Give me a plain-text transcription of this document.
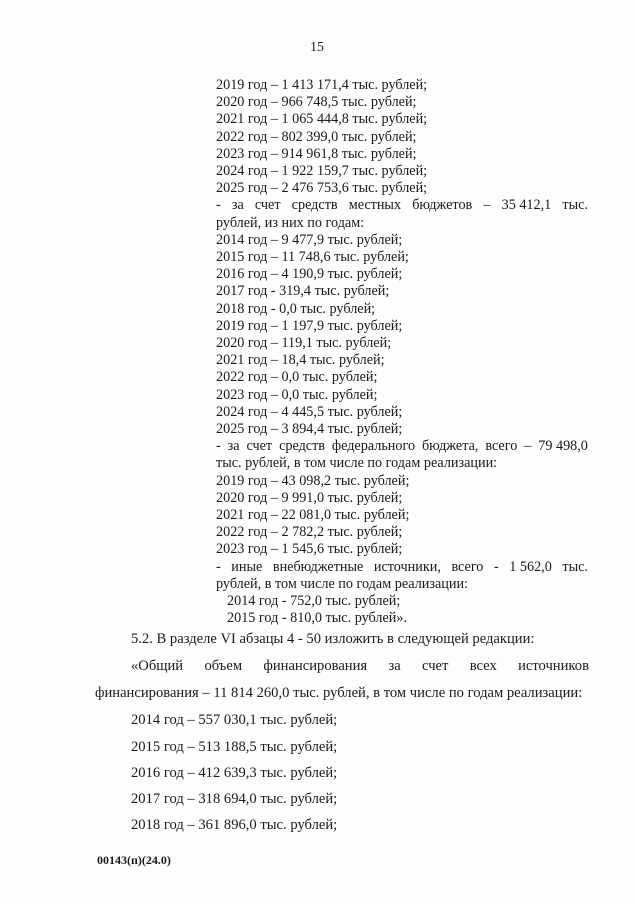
15
2019 год – 1 413 171,4 тыс. рублей;
2020 год – 966 748,5 тыс. рублей;
2021 год – 1 065 444,8 тыс. рублей;
2022 год – 802 399,0 тыс. рублей;
2023 год – 914 961,8 тыс. рублей;
2024 год – 1 922 159,7 тыс. рублей;
2025 год – 2 476 753,6 тыс. рублей;
- за счет средств местных бюджетов – 35 412,1 тыс.
рублей, из них по годам:
2014 год – 9 477,9 тыс. рублей;
2015 год – 11 748,6 тыс. рублей;
2016 год – 4 190,9 тыс. рублей;
2017 год - 319,4 тыс. рублей;
2018 год - 0,0 тыс. рублей;
2019 год – 1 197,9 тыс. рублей;
2020 год – 119,1 тыс. рублей;
2021 год – 18,4 тыс. рублей;
2022 год – 0,0 тыс. рублей;
2023 год – 0,0 тыс. рублей;
2024 год – 4 445,5 тыс. рублей;
2025 год – 3 894,4 тыс. рублей;
- за счет средств федерального бюджета, всего – 79 498,0
тыс. рублей, в том числе по годам реализации:
2019 год – 43 098,2 тыс. рублей;
2020 год – 9 991,0 тыс. рублей;
2021 год – 22 081,0 тыс. рублей;
2022 год – 2 782,2 тыс. рублей;
2023 год – 1 545,6 тыс. рублей;
- иные внебюджетные источники, всего - 1 562,0 тыс.
рублей, в том числе по годам реализации:
2014 год - 752,0 тыс. рублей;
2015 год - 810,0 тыс. рублей».
5.2. В разделе VI абзацы 4 - 50 изложить в следующей редакции:
«Общий объем финансирования за счет всех источников
финансирования – 11 814 260,0 тыс. рублей, в том числе по годам реализации:
2014 год – 557 030,1 тыс. рублей;
2015 год – 513 188,5 тыс. рублей;
2016 год – 412 639,3 тыс. рублей;
2017 год – 318 694,0 тыс. рублей;
2018 год – 361 896,0 тыс. рублей;
00143(п)(24.0)
